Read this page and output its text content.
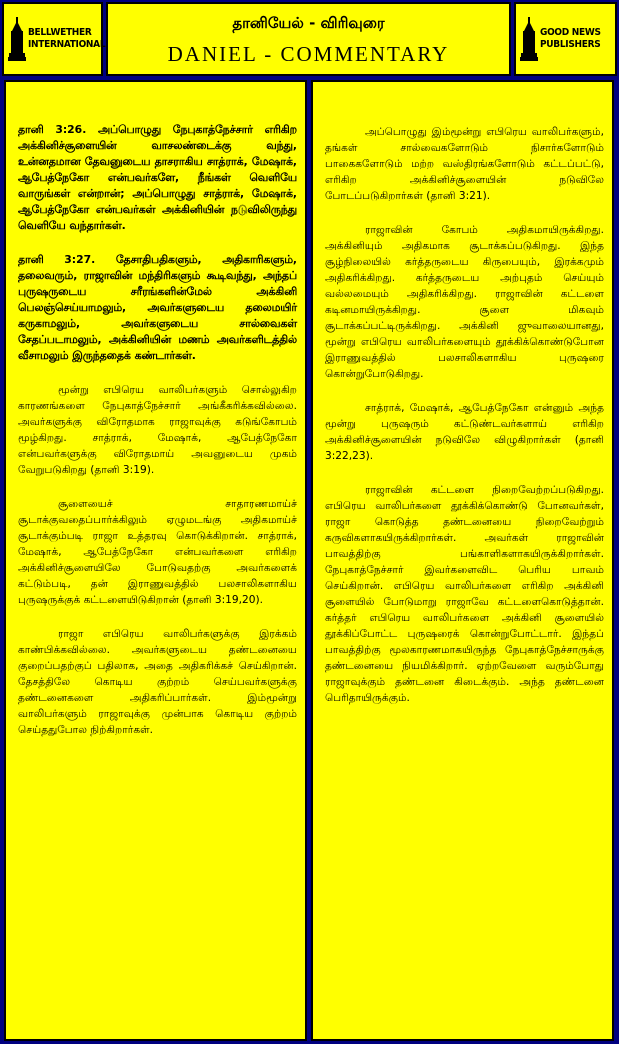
BELLWETHER
INTERNATIONAL
தானியேல் - விரிவுரை
DANIEL - COMMENTARY
GOOD NEWS
PUBLISHERS

தானி 3:26. அப்பொழுது நேபுகாத்நேச்சார் எரிகிற அக்கினிச்சூளையின் வாசலண்டைக்கு வந்து, உன்னதமான தேவனுடைய தாசராகிய சாத்ராக், மேஷாக், ஆபேத்நேகோ என்பவர்களே, நீங்கள் வெளியே வாருங்கள் என்றான்; அப்பொழுது சாத்ராக், மேஷாக், ஆபேத்நேகோ என்பவர்கள் அக்கினியின் நடுவிலிருந்து வெளியே வந்தார்கள்.

தானி 3:27. தேசாதிபதிகளும், அதிகாரிகளும், தலைவரும், ராஜாவின் மந்திரிகளும் கூடிவந்து, அந்தப் புருஷருடைய சரீரங்களின்மேல் அக்கினி பெலஞ்செய்யாமலும், அவர்களுடைய தலைமயிர் கருகாமலும், அவர்களுடைய சால்வைகள் சேதப்படாமலும், அக்கினியின் மணம் அவர்களிடத்தில் வீசாமலும் இருந்ததைக் கண்டார்கள்.

மூன்று எபிரெய வாலிபர்களும் சொல்லுகிற காரணங்களை நேபுகாத்நேச்சார் அங்கீகரிக்கவில்லை. அவர்களுக்கு விரோதமாக ராஜாவுக்கு கடுங்கோபம் மூழ்கிறது. சாத்ராக், மேஷாக், ஆபேத்நேகோ என்பவர்களுக்கு விரோதமாய் அவனுடைய முகம் வேறுபடுகிறது (தானி 3:19).

சூளையைச் சாதாரணமாய்ச் சூடாக்குவதைப்பார்க்கிலும் ஏழுமடங்கு அதிகமாய்ச் சூடாக்கும்படி ராஜா உத்தரவு கொடுக்கிறான். சாத்ராக், மேஷாக், ஆபேத்நேகோ என்பவர்களை எரிகிற அக்கினிச்சூளையிலே போடுவதற்கு அவர்களைக் கட்டும்படி, தன் இராணுவத்தில் பலசாலிகளாகிய புருஷருக்குக் கட்டளையிடுகிறான் (தானி 3:19,20).

ராஜா எபிரெய வாலிபர்களுக்கு இரக்கம் காண்பிக்கவில்லை. அவர்களுடைய தண்டனையை குறைப்பதற்குப் பதிலாக, அதை அதிகரிக்கச் செய்கிறான். தேசத்திலே கொடிய குற்றம் செய்பவர்களுக்கு தண்டனைகளை அதிகரிப்பார்கள். இம்மூன்று வாலிபர்களும் ராஜாவுக்கு முன்பாக கொடிய குற்றம் செய்ததுபோல நிற்கிறார்கள்.

அப்பொழுது இம்மூன்று எபிரெய வாலிபர்களும், தங்கள் சால்வைகளோடும் நிசார்களோடும் பாகைகளோடும் மற்ற வஸ்திரங்களோடும் கட்டப்பட்டு, எரிகிற அக்கினிச்சூளையின் நடுவிலே போடப்படுகிறார்கள் (தானி 3:21).

ராஜாவின் கோபம் அதிகமாயிருக்கிறது. அக்கினியும் அதிகமாக சூடாக்கப்படுகிறது. இந்த சூழ்நிலையில் கர்த்தருடைய கிருபையும், இரக்கமும் அதிகரிக்கிறது. கர்த்தருடைய அற்புதம் செய்யும் வல்லமையும் அதிகரிக்கிறது. ராஜாவின் கட்டளை கடினமாயிருக்கிறது. சூளை மிகவும் சூடாக்கப்பட்டிருக்கிறது. அக்கினி ஜுவாலையானது, மூன்று எபிரெய வாலிபர்களையும் தூக்கிக்கொண்டுபோன இராணுவத்தில் பலசாலிகளாகிய புருஷரை கொன்றுபோடுகிறது.

சாத்ராக், மேஷாக், ஆபேத்நேகோ என்னும் அந்த மூன்று புருஷரும் கட்டுண்டவர்களாய் எரிகிற அக்கினிச்சூளையின் நடுவிலே விழுகிறார்கள் (தானி 3:22,23).

ராஜாவின் கட்டளை நிறைவேற்றப்படுகிறது. எபிரெய வாலிபர்களை தூக்கிக்கொண்டு போனவர்கள், ராஜா கொடுத்த தண்டனையை நிறைவேற்றும் கருவிகளாகயிருக்கிறார்கள். அவர்கள் ராஜாவின் பாவத்திற்கு பங்காளிகளாகயிருக்கிறார்கள். நேபுகாத்நேச்சார் இவர்களைவிட பெரிய பாவம் செய்கிறான். எபிரெய வாலிபர்களை எரிகிற அக்கினி சூளையில் போடுமாறு ராஜாவே கட்டளைகொடுத்தான். கர்த்தர் எபிரெய வாலிபர்களை அக்கினி சூளையில் தூக்கிப்போட்ட புருஷரைக் கொன்றுபோட்டார். இந்தப் பாவத்திற்கு மூலகாரணமாகயிருந்த நேபுகாத்நேச்சாருக்கு தண்டனையை நியமிக்கிறார். ஏற்றவேளை வரும்போது ராஜாவுக்கும் தண்டனை கிடைக்கும். அந்த தண்டனை பெரிதாயிருக்கும்.
